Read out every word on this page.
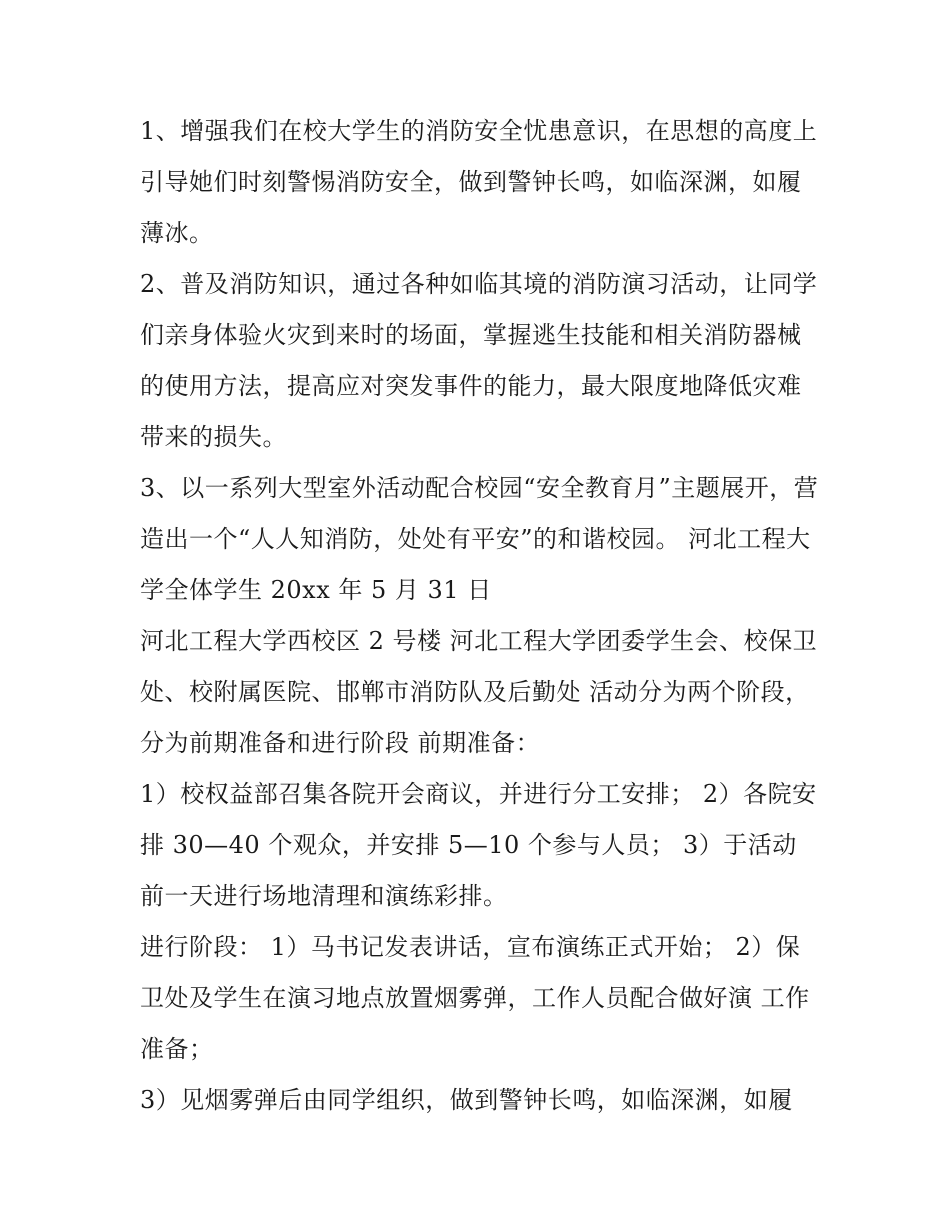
1、增强我们在校大学生的消防安全忧患意识，在思想的高度上引导她们时刻警惕消防安全，做到警钟长鸣，如临深渊，如履薄冰。

2、普及消防知识，通过各种如临其境的消防演习活动，让同学们亲身体验火灾到来时的场面，掌握逃生技能和相关消防器械的使用方法，提高应对突发事件的能力，最大限度地降低灾难带来的损失。

3、以一系列大型室外活动配合校园“安全教育月”主题展开，营造出一个“人人知消防，处处有平安”的和谐校园。 河北工程大学全体学生 20xx 年 5 月 31 日

河北工程大学西校区 2 号楼 河北工程大学团委学生会、校保卫处、校附属医院、邯郸市消防队及后勤处 活动分为两个阶段，分为前期准备和进行阶段 前期准备：

1）校权益部召集各院开会商议，并进行分工安排； 2）各院安排 30—40 个观众，并安排 5—10 个参与人员； 3）于活动前一天进行场地清理和演练彩排。

进行阶段： 1）马书记发表讲话，宣布演练正式开始； 2）保卫处及学生在演习地点放置烟雾弹，工作人员配合做好演 工作准备；

3）见烟雾弹后由同学组织，做到警钟长鸣，如临深渊，如履
